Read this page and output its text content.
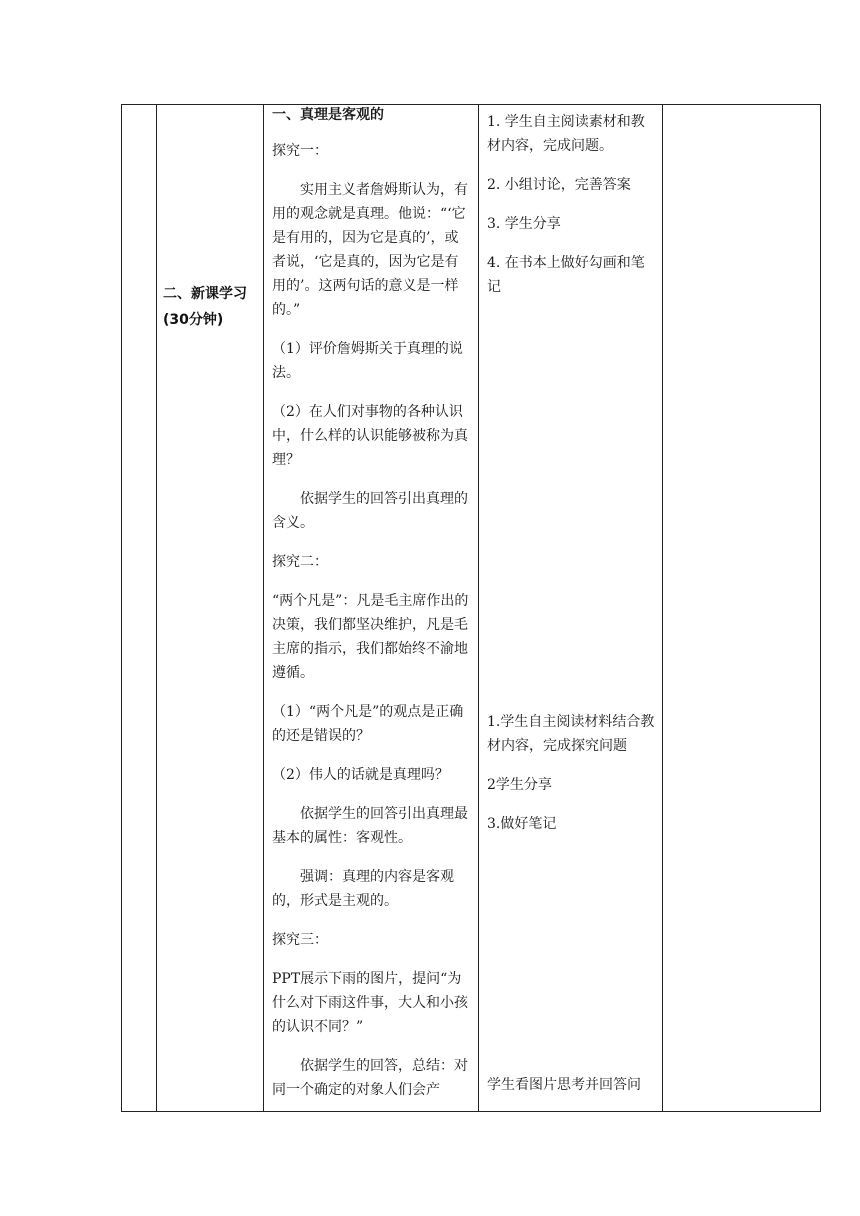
二、新课学习
(30分钟)

一、真理是客观的

探究一：

实用主义者詹姆斯认为，有用的观念就是真理。他说：“‘它是有用的，因为它是真的’，或者说，‘它是真的，因为它是有用的’。这两句话的意义是一样的。”

（1）评价詹姆斯关于真理的说法。

（2）在人们对事物的各种认识中，什么样的认识能够被称为真理？

依据学生的回答引出真理的含义。

探究二：

“两个凡是”：凡是毛主席作出的决策，我们都坚决维护，凡是毛主席的指示，我们都始终不渝地遵循。

（1）“两个凡是”的观点是正确的还是错误的？

（2）伟人的话就是真理吗？

依据学生的回答引出真理最基本的属性：客观性。

强调：真理的内容是客观的，形式是主观的。

探究三：

PPT展示下雨的图片，提问“为什么对下雨这件事，大人和小孩的认识不同？”

依据学生的回答，总结：对同一个确定的对象人们会产

1. 学生自主阅读素材和教材内容，完成问题。

2. 小组讨论，完善答案

3. 学生分享

4. 在书本上做好勾画和笔记

1.学生自主阅读材料结合教材内容，完成探究问题

2学生分享

3.做好笔记

学生看图片思考并回答问
